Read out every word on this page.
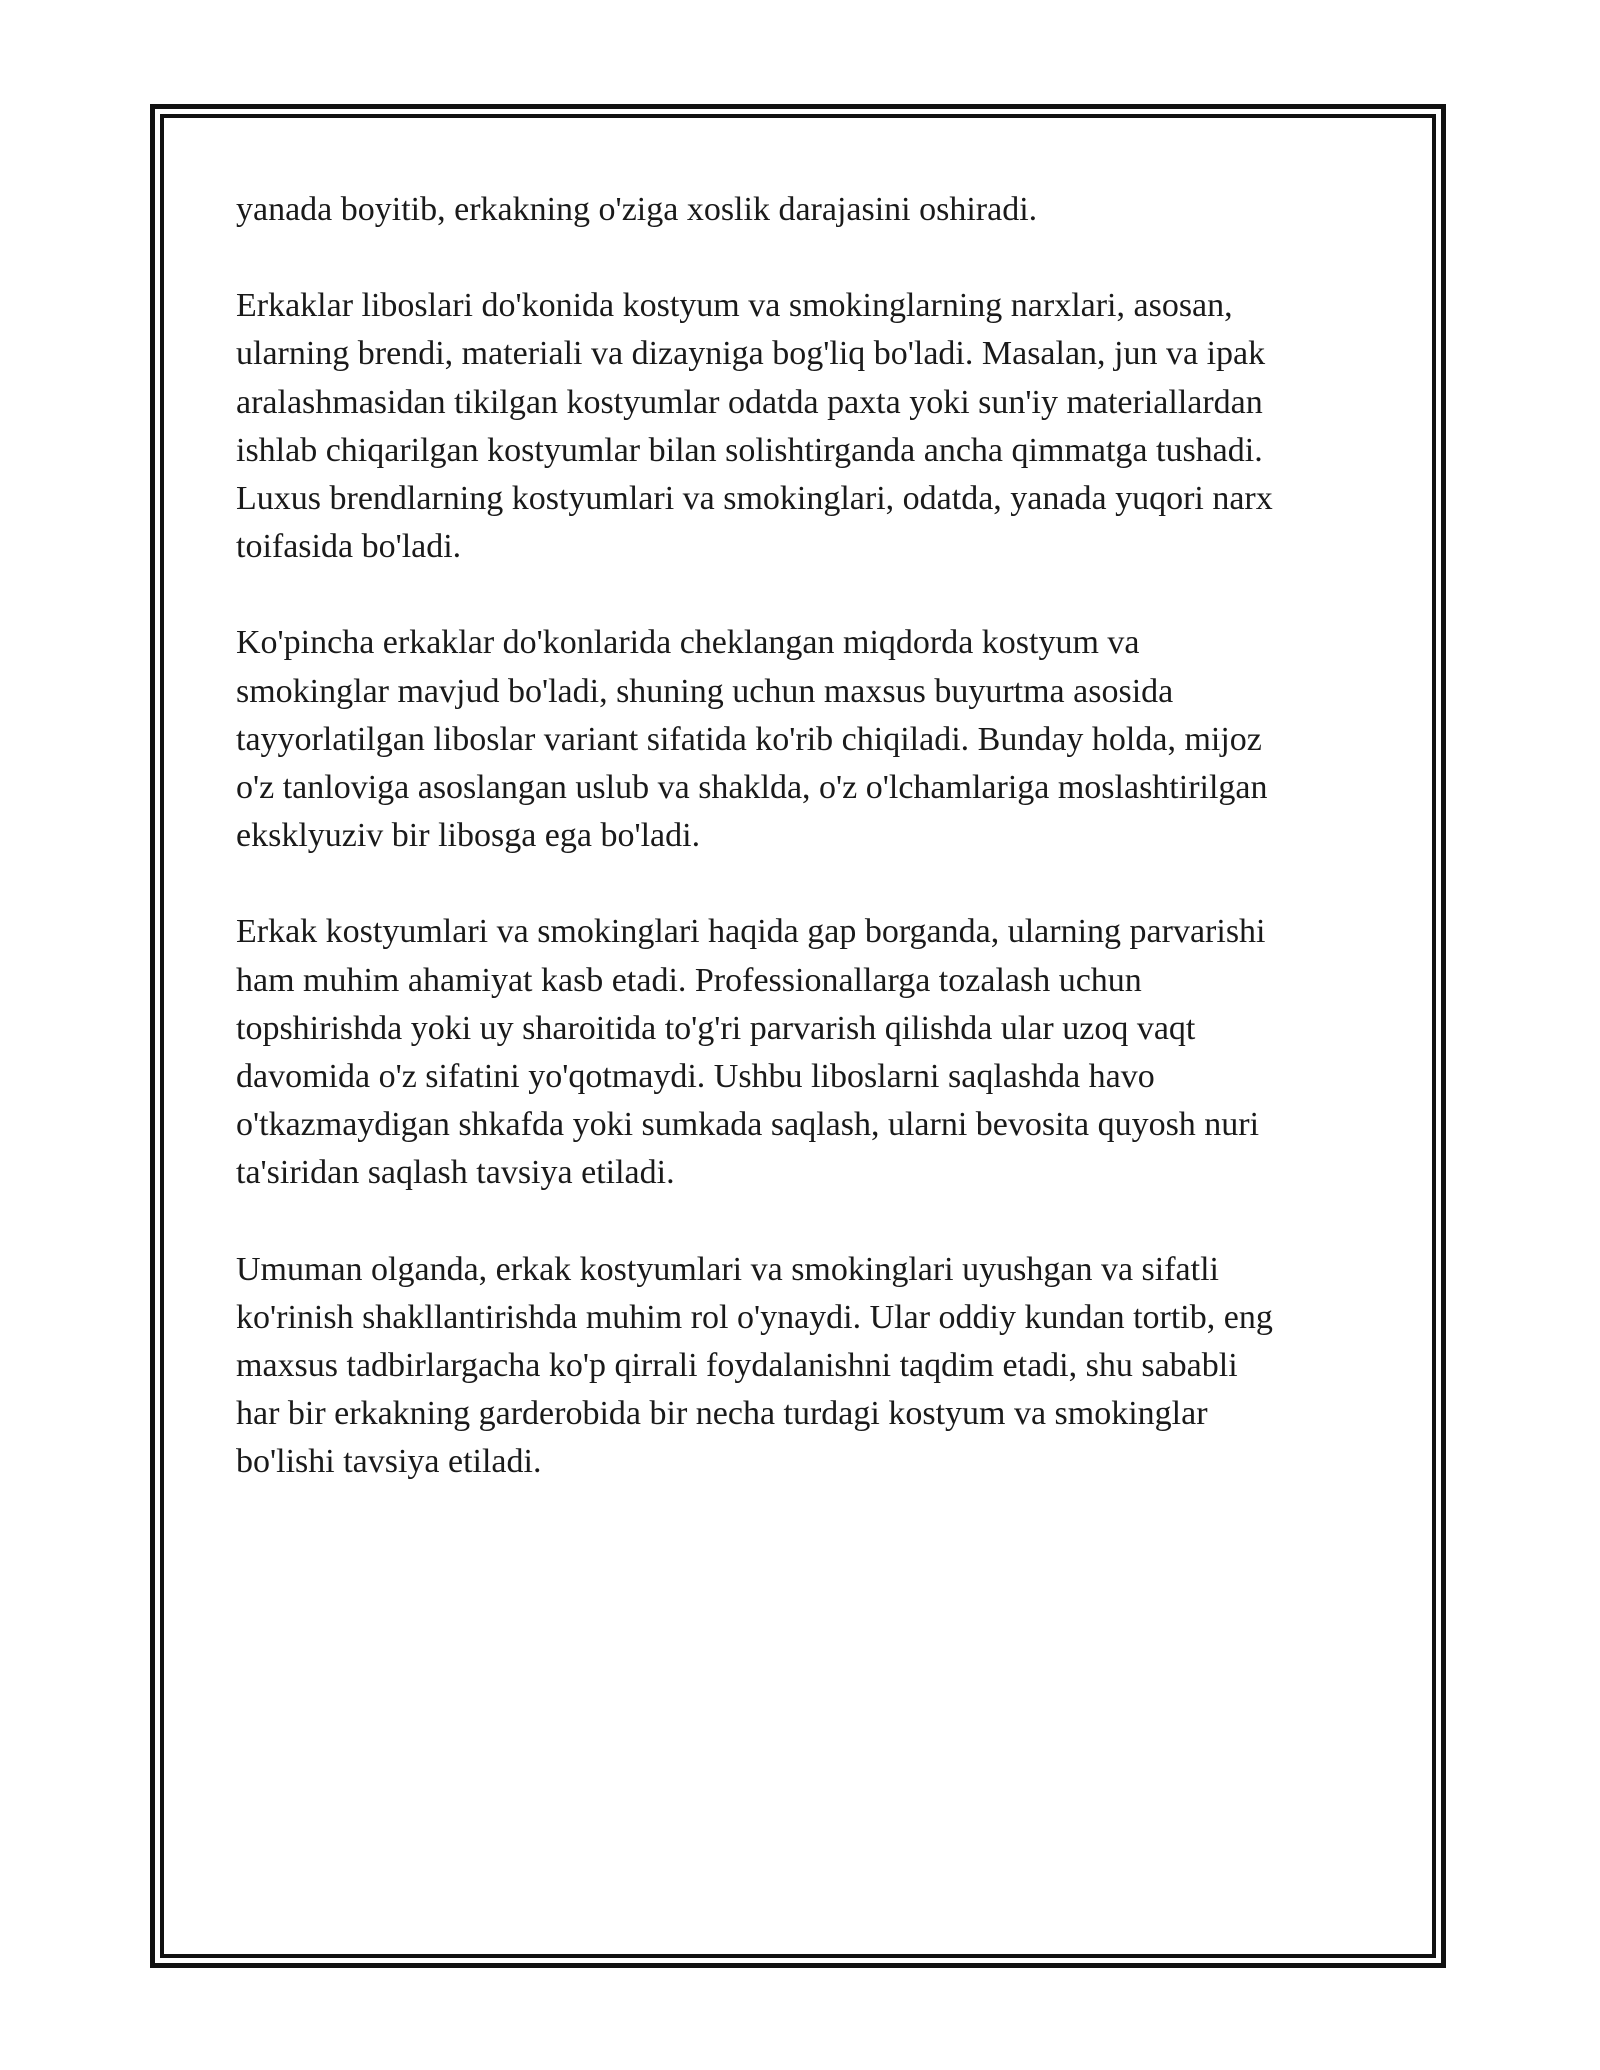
yanada boyitib, erkakning o'ziga xoslik darajasini oshiradi.

Erkaklar liboslari do'konida kostyum va smokinglarning narxlari, asosan,
ularning brendi, materiali va dizayniga bog'liq bo'ladi. Masalan, jun va ipak
aralashmasidan tikilgan kostyumlar odatda paxta yoki sun'iy materiallardan
ishlab chiqarilgan kostyumlar bilan solishtirganda ancha qimmatga tushadi.
Luxus brendlarning kostyumlari va smokinglari, odatda, yanada yuqori narx
toifasida bo'ladi.

Ko'pincha erkaklar do'konlarida cheklangan miqdorda kostyum va
smokinglar mavjud bo'ladi, shuning uchun maxsus buyurtma asosida
tayyorlatilgan liboslar variant sifatida ko'rib chiqiladi. Bunday holda, mijoz
o'z tanloviga asoslangan uslub va shaklda, o'z o'lchamlariga moslashtirilgan
eksklyuziv bir libosga ega bo'ladi.

Erkak kostyumlari va smokinglari haqida gap borganda, ularning parvarishi
ham muhim ahamiyat kasb etadi. Professionallarga tozalash uchun
topshirishda yoki uy sharoitida to'g'ri parvarish qilishda ular uzoq vaqt
davomida o'z sifatini yo'qotmaydi. Ushbu liboslarni saqlashda havo
o'tkazmaydigan shkafda yoki sumkada saqlash, ularni bevosita quyosh nuri
ta'siridan saqlash tavsiya etiladi.

Umuman olganda, erkak kostyumlari va smokinglari uyushgan va sifatli
ko'rinish shakllantirishda muhim rol o'ynaydi. Ular oddiy kundan tortib, eng
maxsus tadbirlargacha ko'p qirrali foydalanishni taqdim etadi, shu sababli
har bir erkakning garderobida bir necha turdagi kostyum va smokinglar
bo'lishi tavsiya etiladi.
